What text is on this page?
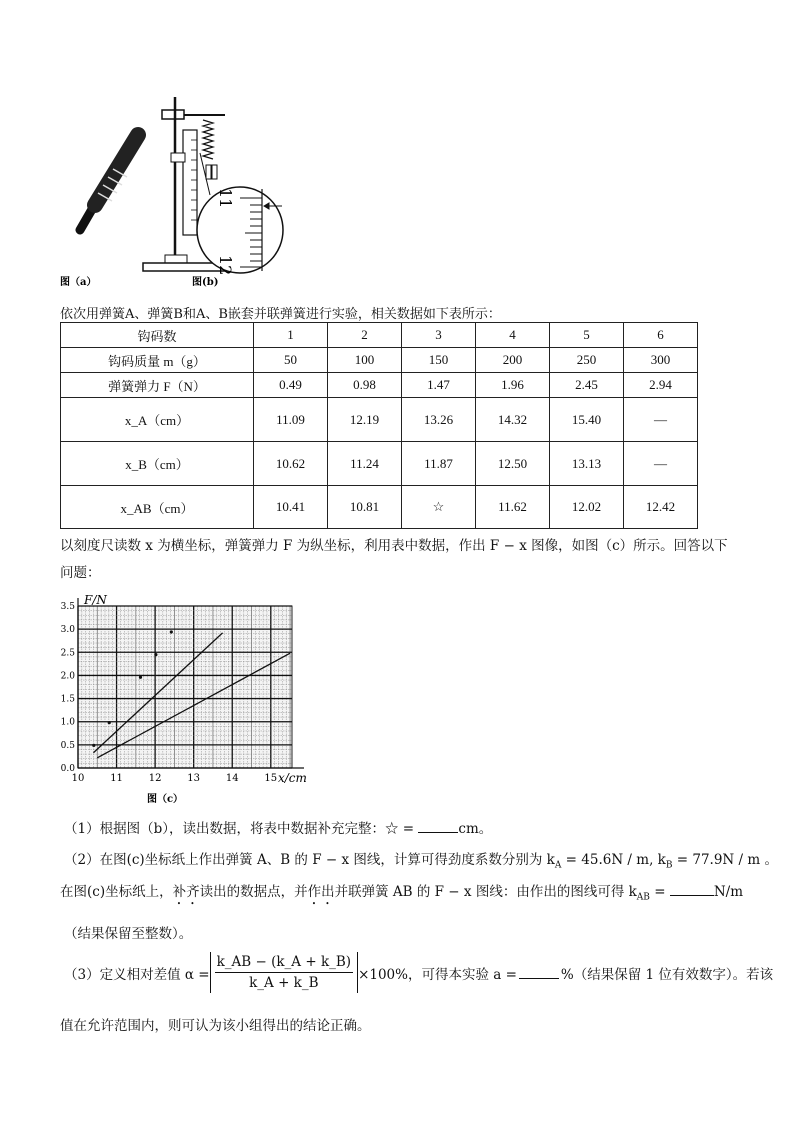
11
12
图（a）	图(b)
依次用弹簧A、弹簧B和A、B嵌套并联弹簧进行实验，相关数据如下表所示：
钩码数	1	2	3	4	5	6
钩码质量 m（g）	50	100	150	200	250	300
弹簧弹力 F（N）	0.49	0.98	1.47	1.96	2.45	2.94
x_A（cm）	11.09	12.19	13.26	14.32	15.40	—
x_B（cm）	10.62	11.24	11.87	12.50	13.13	—
x_AB（cm）	10.41	10.81	☆	11.62	12.02	12.42
以刻度尺读数 x 为横坐标，弹簧弹力 F 为纵坐标，利用表中数据，作出 F − x 图像，如图（c）所示。回答以下问题：
10	11	12	13	14	15
0.0
0.5
1.0
1.5
2.0
2.5
3.0
3.5 F/N
x/cm
图（c）
（1）根据图（b），读出数据，将表中数据补充完整：☆ =	cm。
（2）在图(c)坐标纸上作出弹簧 A、B 的 F − x 图线，计算可得劲度系数分别为 $k_A = 45.6N / m$, $k_B = 77.9N / m$ 。
在图(c)坐标纸上，补齐读出的数据点，并作出并联弹簧 AB 的 F − x 图线：由作出的图线可得 $k_{AB}$ =	N/m
（结果保留至整数）。
（3）定义相对差值 $\alpha = \frac{k\_AB - (k\_A + k\_B)}{k\_A + k\_B} \times 100\%$，可得本实验 a =	%（结果保留 1 位有效数字）。若该
值在允许范围内，则可认为该小组得出的结论正确。
